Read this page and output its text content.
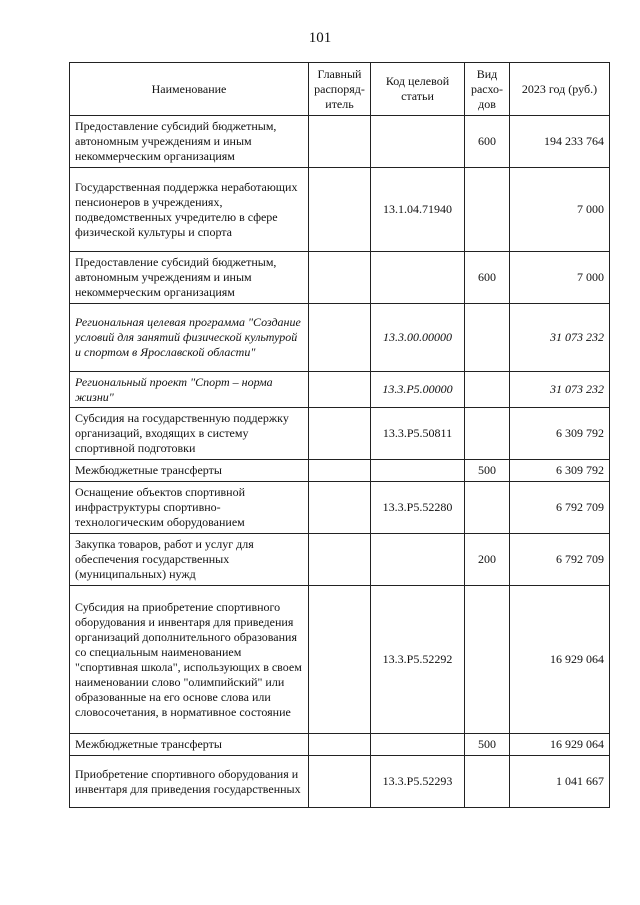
101
Наименование	Главный распоряд-итель	Код целевой статьи	Вид расхо-дов	2023 год (руб.)
Предоставление субсидий бюджетным, автономным учреждениям и иным некоммерческим организациям			600	194 233 764
Государственная поддержка неработающих пенсионеров в учреждениях, подведомственных учредителю в сфере физической культуры и спорта		13.1.04.71940		7 000
Предоставление субсидий бюджетным, автономным учреждениям и иным некоммерческим организациям			600	7 000
Региональная целевая программа "Создание условий для занятий физической культурой и спортом в Ярославской области"		13.3.00.00000		31 073 232
Региональный проект "Спорт – норма жизни"		13.3.P5.00000		31 073 232
Субсидия на государственную поддержку организаций, входящих в систему спортивной подготовки		13.3.P5.50811		6 309 792
Межбюджетные трансферты			500	6 309 792
Оснащение объектов спортивной инфраструктуры спортивно-технологическим оборудованием		13.3.P5.52280		6 792 709
Закупка товаров, работ и услуг для обеспечения государственных (муниципальных) нужд			200	6 792 709
Субсидия на приобретение спортивного оборудования и инвентаря для приведения организаций дополнительного образования со специальным наименованием "спортивная школа", использующих в своем наименовании слово "олимпийский" или образованные на его основе слова или словосочетания, в нормативное состояние		13.3.P5.52292		16 929 064
Межбюджетные трансферты			500	16 929 064
Приобретение спортивного оборудования и инвентаря для приведения государственных		13.3.P5.52293		1 041 667
